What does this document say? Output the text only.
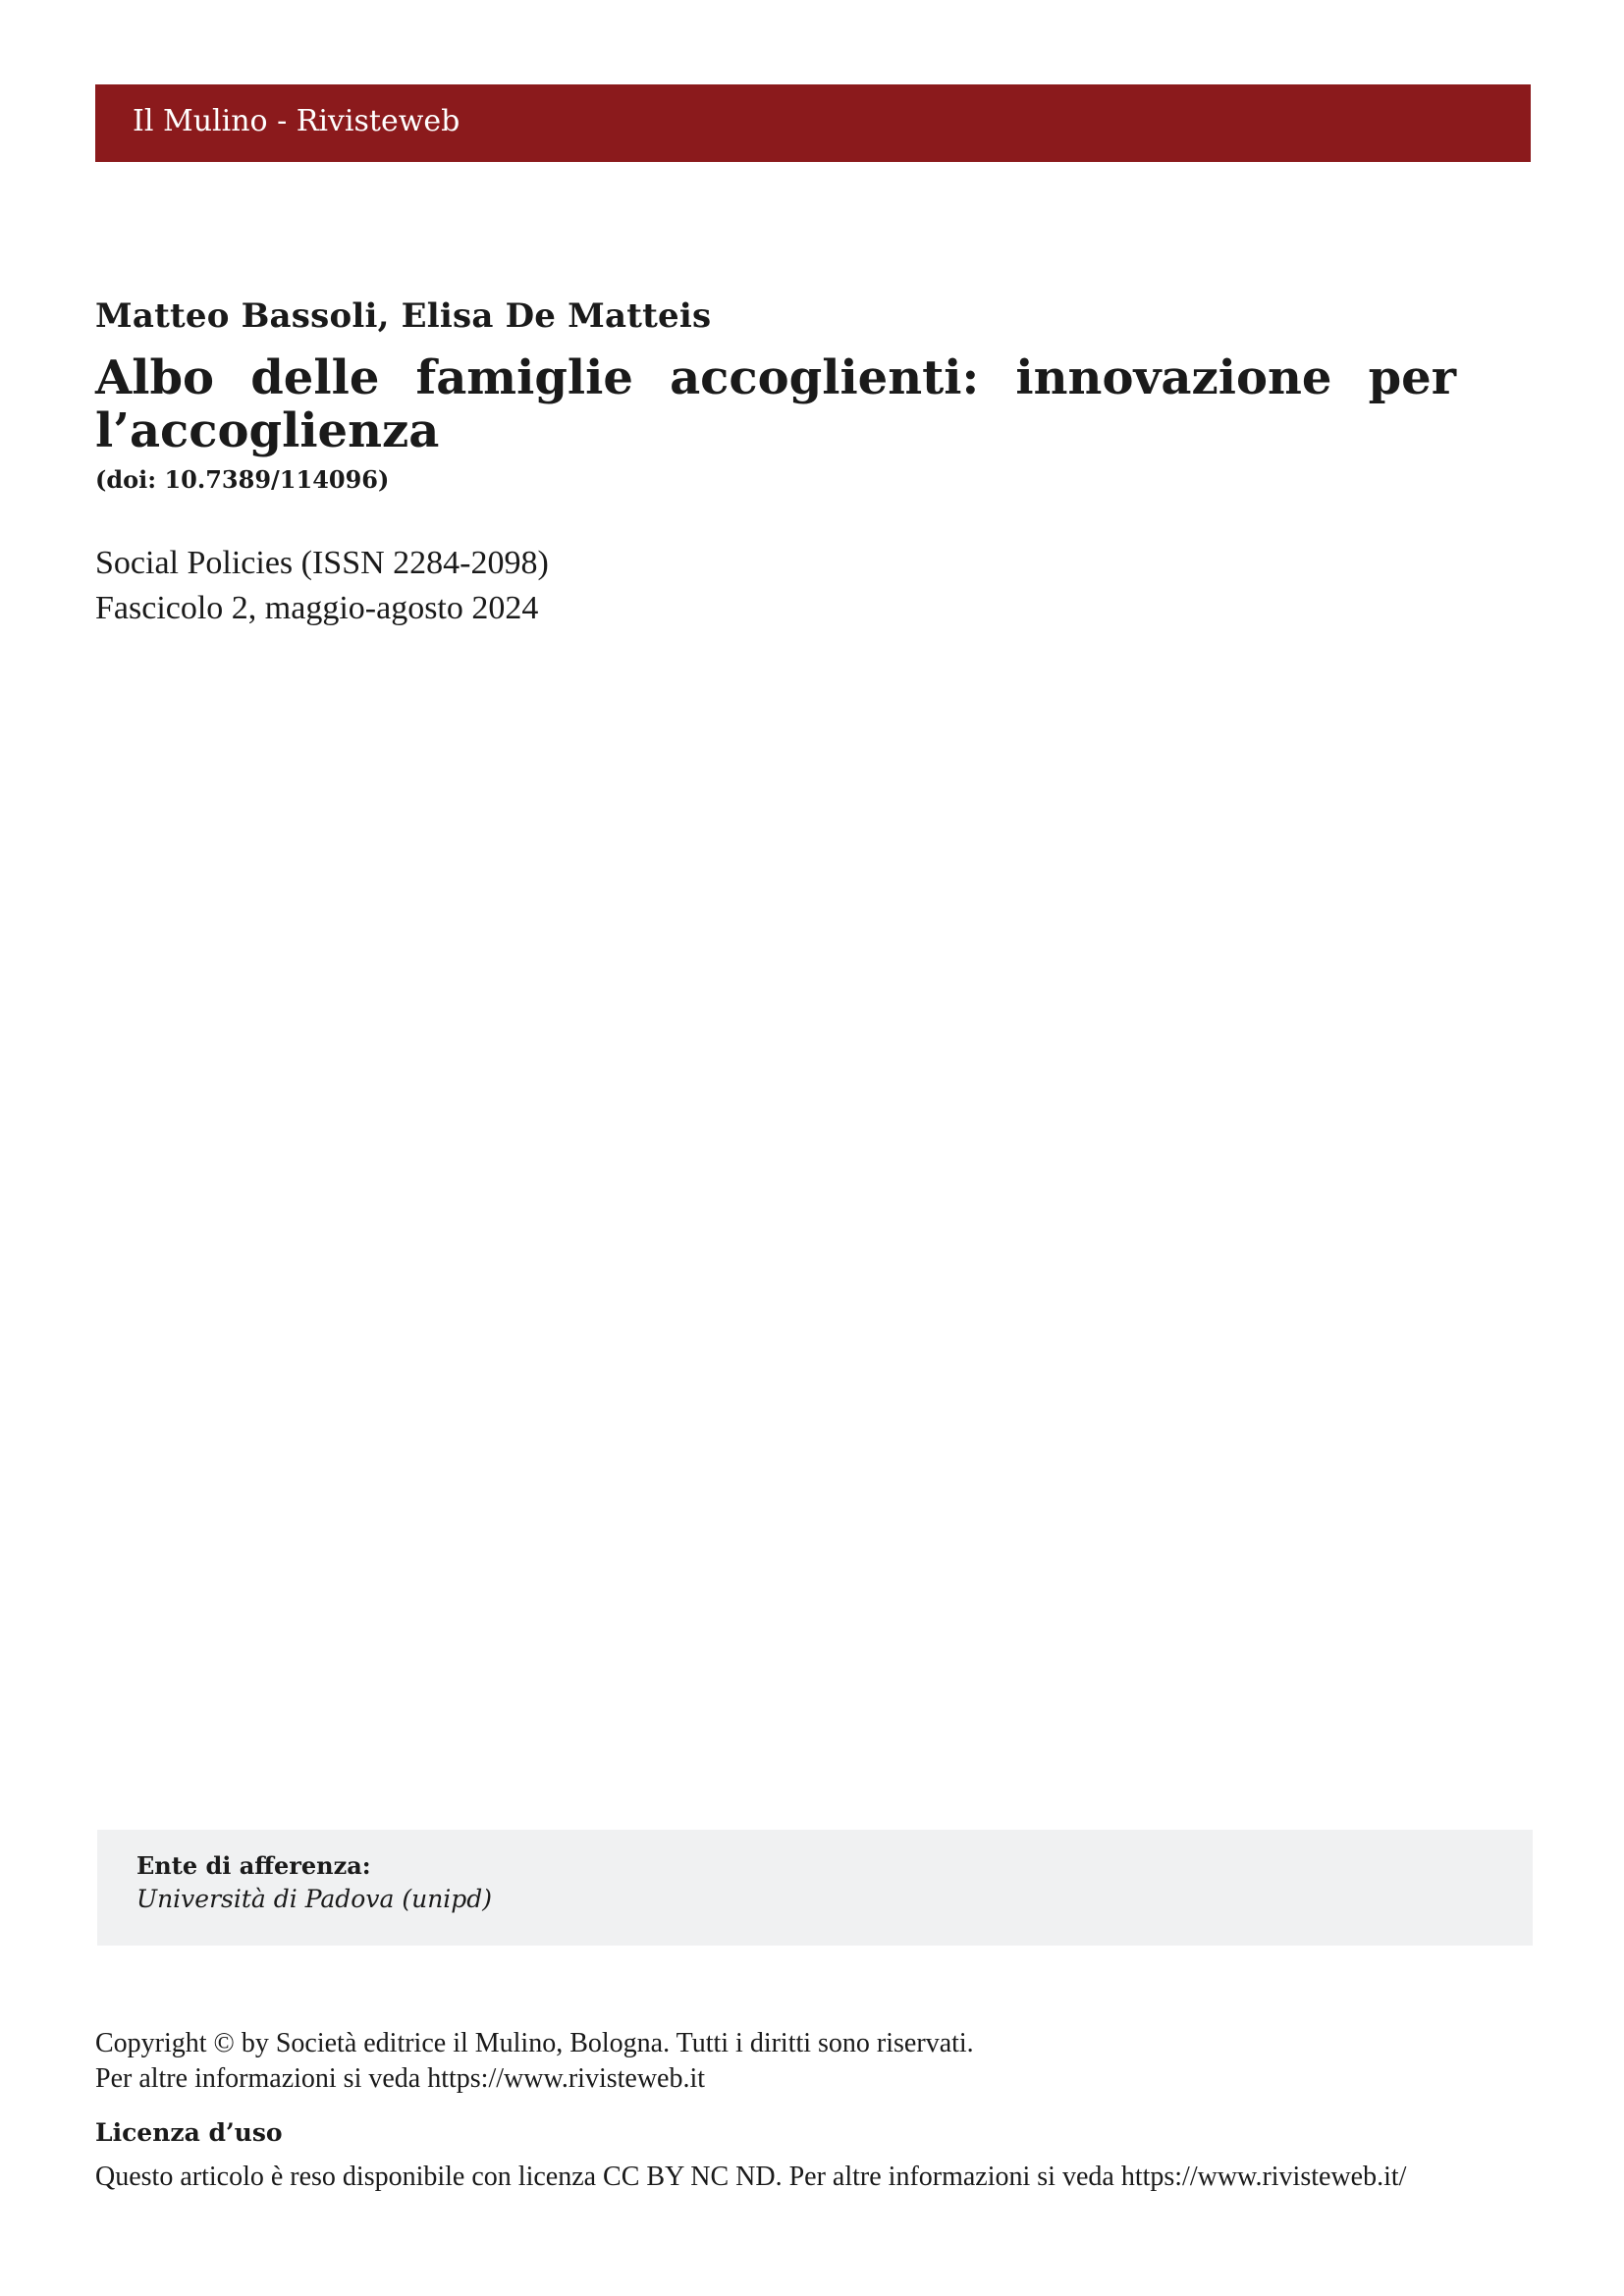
Il Mulino - Rivisteweb
Matteo Bassoli, Elisa De Matteis
Albo delle famiglie accoglienti: innovazione per l’accoglienza
(doi: 10.7389/114096)
Social Policies (ISSN 2284-2098)
Fascicolo 2, maggio-agosto 2024
Ente di afferenza:
Università di Padova (unipd)
Copyright © by Società editrice il Mulino, Bologna. Tutti i diritti sono riservati.
Per altre informazioni si veda https://www.rivisteweb.it
Licenza d’uso
Questo articolo è reso disponibile con licenza CC BY NC ND. Per altre informazioni si veda https://www.rivisteweb.it/
